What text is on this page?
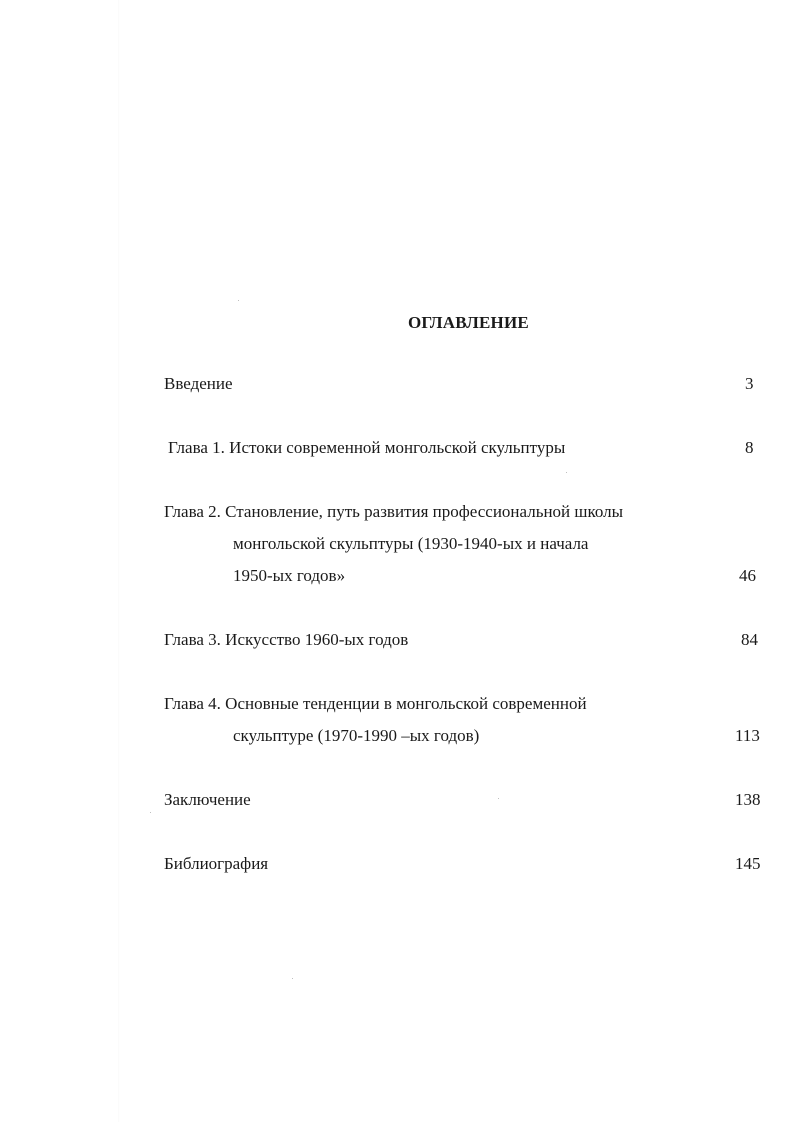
ОГЛАВЛЕНИЕ
Введение	3
Глава 1. Истоки современной монгольской скульптуры	8
Глава 2. Становление, путь развития профессиональной школы
монгольской скульптуры (1930-1940-ых и начала
1950-ых годов»	46
Глава 3. Искусство 1960-ых годов	84
Глава 4. Основные тенденции в монгольской современной
скульптуре (1970-1990 –ых годов)	113
Заключение	138
Библиография	145
